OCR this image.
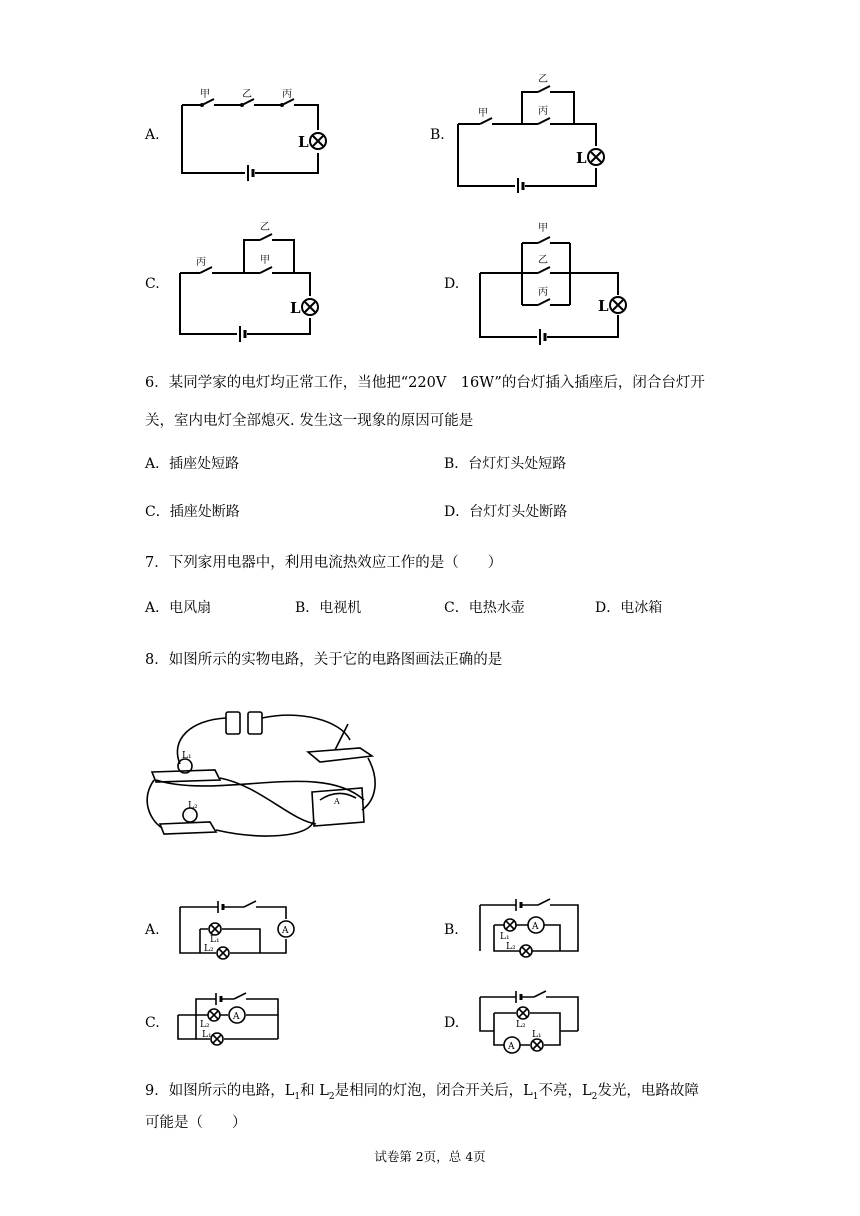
A.
甲	乙	丙
L	B.
甲
乙
丙
L
C.
丙
乙
甲
L
D.
甲
乙
丙
L
6．某同学家的电灯均正常工作，当他把“220V　16W”的台灯插入插座后，闭合台灯开
关，室内电灯全部熄灭. 发生这一现象的原因可能是
A．插座处短路	B．台灯灯头处短路
C．插座处断路	D．台灯灯头处断路
7．下列家用电器中，利用电流热效应工作的是（　　）
A．电风扇	B．电视机	C．电热水壶	D．电冰箱
8．如图所示的实物电路，关于它的电路图画法正确的是
L₁
L₂	A
A.	A
L₁
L₂
B.	A
L₁
L₂
C.	A
L₂
L₁
D.
A
L₂
L₁
9．如图所示的电路，$L_1$和 $L_2$是相同的灯泡，闭合开关后，$L_1$不亮，$L_2$发光，电路故障
可能是（　　）
试卷第 2页，总 4页
